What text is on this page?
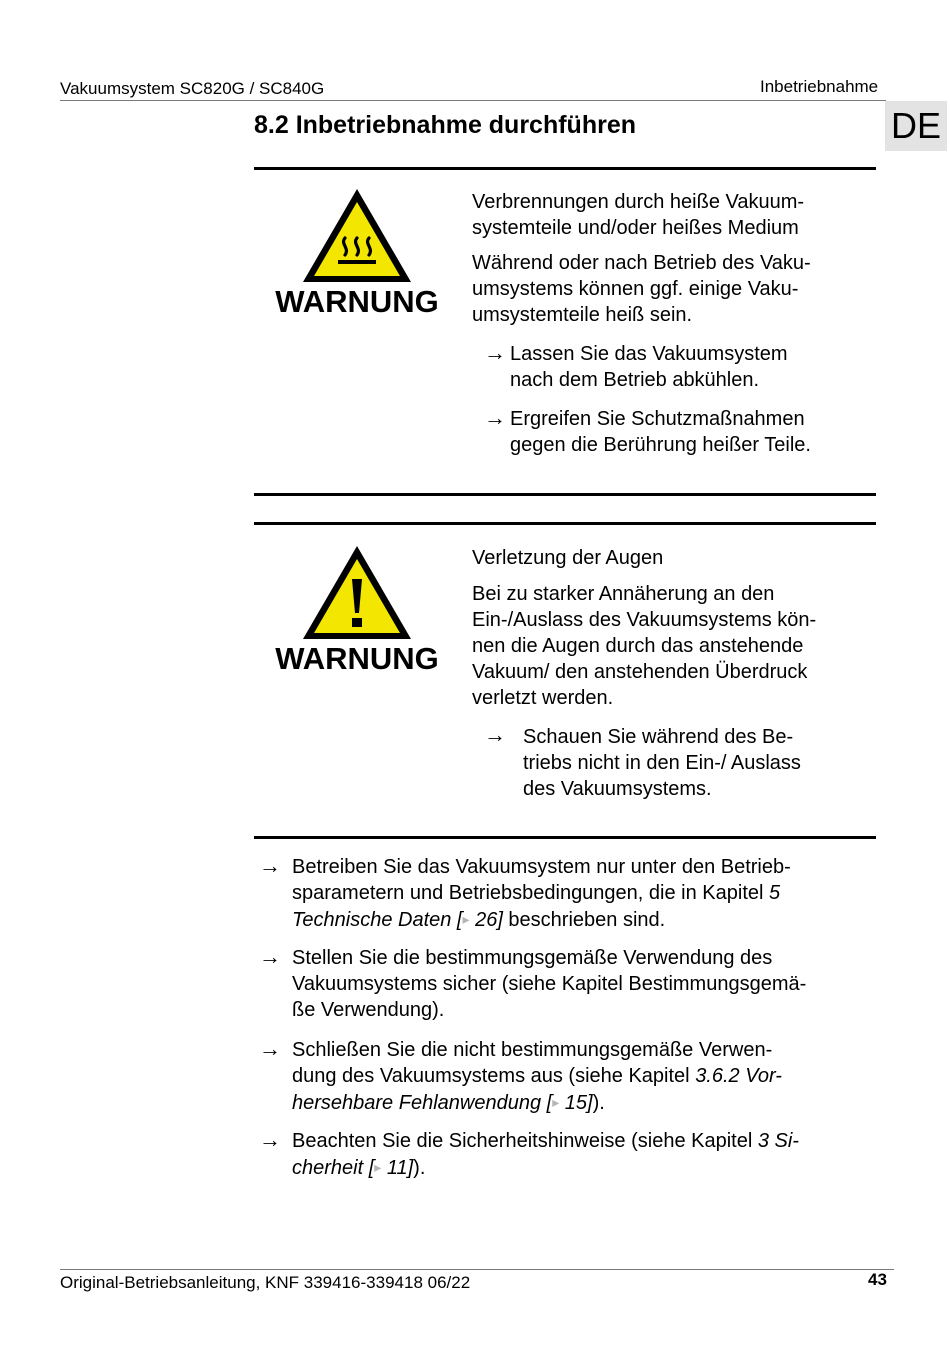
Vakuumsystem SC820G / SC840G	Inbetriebnahme
DE
8.2 Inbetriebnahme durchführen
WARNUNG
Verbrennungen durch heiße Vakuum-
systemteile und/oder heißes Medium
Während oder nach Betrieb des Vaku-
umsystems können ggf. einige Vaku-
umsystemteile heiß sein.
→ Lassen Sie das Vakuumsystem
nach dem Betrieb abkühlen.
→ Ergreifen Sie Schutzmaßnahmen
gegen die Berührung heißer Teile.
WARNUNG
Verletzung der Augen
Bei zu starker Annäherung an den
Ein-/Auslass des Vakuumsystems kön-
nen die Augen durch das anstehende
Vakuum/ den anstehenden Überdruck
verletzt werden.
→ Schauen Sie während des Be-
triebs nicht in den Ein-/ Auslass
des Vakuumsystems.
→ Betreiben Sie das Vakuumsystem nur unter den Betrieb-
sparametern und Betriebsbedingungen, die in Kapitel 5
Technische Daten [▸ 26] beschrieben sind.
→ Stellen Sie die bestimmungsgemäße Verwendung des
Vakuumsystems sicher (siehe Kapitel Bestimmungsgemä-
ße Verwendung).
→ Schließen Sie die nicht bestimmungsgemäße Verwen-
dung des Vakuumsystems aus (siehe Kapitel 3.6.2 Vor-
hersehbare Fehlanwendung [▸ 15]).
→ Beachten Sie die Sicherheitshinweise (siehe Kapitel 3 Si-
cherheit [▸ 11]).
Original-Betriebsanleitung, KNF 339416-339418 06/22	43
